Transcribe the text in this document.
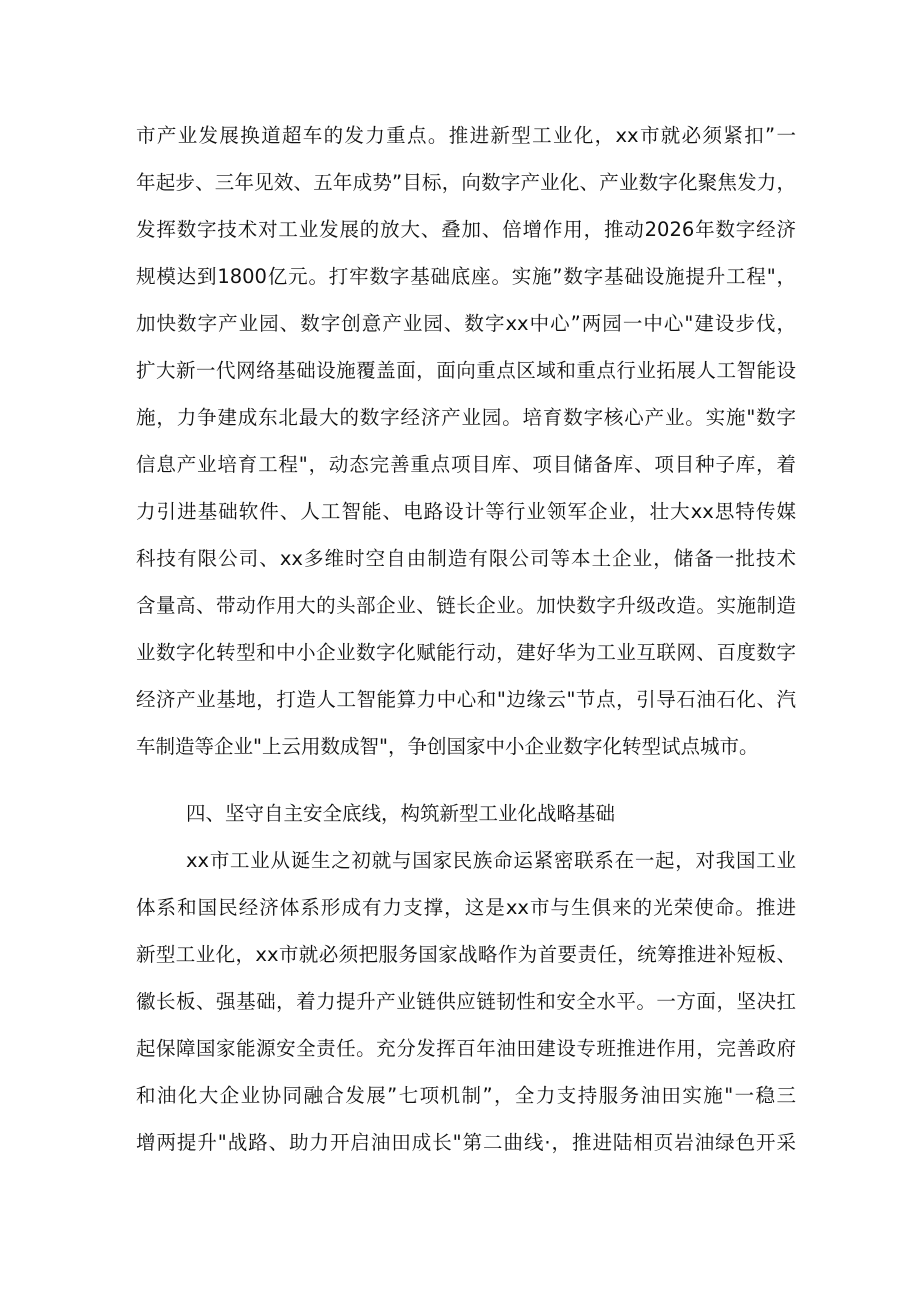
市产业发展换道超车的发力重点。推进新型工业化，xx市就必须紧扣”一
年起步、三年见效、五年成势”目标，向数字产业化、产业数字化聚焦发力，
发挥数字技术对工业发展的放大、叠加、倍增作用，推动2026年数字经济
规模达到1800亿元。打牢数字基础底座。实施”数字基础设施提升工程"，
加快数字产业园、数字创意产业园、数字xx中心”两园一中心"建设步伐，
扩大新一代网络基础设施覆盖面，面向重点区域和重点行业拓展人工智能设
施，力争建成东北最大的数字经济产业园。培育数字核心产业。实施"数字
信息产业培育工程"，动态完善重点项目库、项目储备库、项目种子库，着
力引进基础软件、人工智能、电路设计等行业领军企业，壮大xx思特传媒
科技有限公司、xx多维时空自由制造有限公司等本土企业，储备一批技术
含量高、带动作用大的头部企业、链长企业。加快数字升级改造。实施制造
业数字化转型和中小企业数字化赋能行动，建好华为工业互联网、百度数字
经济产业基地，打造人工智能算力中心和"边缘云"节点，引导石油石化、汽
车制造等企业"上云用数成智"，争创国家中小企业数字化转型试点城市。
四、坚守自主安全底线，构筑新型工业化战略基础
xx市工业从诞生之初就与国家民族命运紧密联系在一起，对我国工业
体系和国民经济体系形成有力支撑，这是xx市与生俱来的光荣使命。推进
新型工业化，xx市就必须把服务国家战略作为首要责任，统筹推进补短板、
徽长板、强基础，着力提升产业链供应链韧性和安全水平。一方面，坚决扛
起保障国家能源安全责任。充分发挥百年油田建设专班推进作用，完善政府
和油化大企业协同融合发展”七项机制”，全力支持服务油田实施"一稳三
增两提升"战路、助力开启油田成长"第二曲线·，推进陆相页岩油绿色开采
